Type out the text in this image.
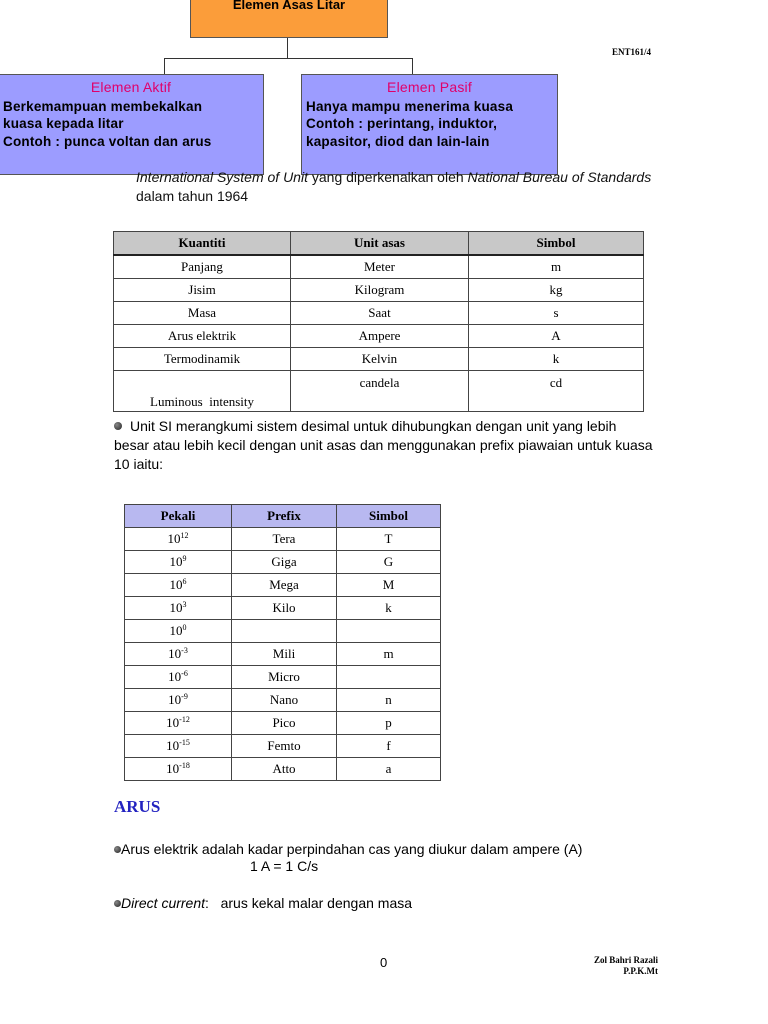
Elemen Asas Litar
Elemen Aktif
Berkemampuan membekalkan
kuasa kepada litar
Contoh : punca voltan dan arus
Elemen Pasif
Hanya mampu menerima kuasa
Contoh : perintang, induktor,
kapasitor, diod dan lain-lain
ENT161/4
International System of Unit yang diperkenalkan oleh National Bureau of Standards dalam tahun 1964
Kuantiti	Unit asas	Simbol
Panjang	Meter	m
Jisim	Kilogram	kg
Masa	Saat	s
Arus elektrik	Ampere	A
Termodinamik	Kelvin	k
Luminous  intensity	candela	cd
Unit SI merangkumi sistem desimal untuk dihubungkan dengan unit yang lebih besar atau lebih kecil dengan unit asas dan menggunakan prefix piawaian untuk kuasa 10 iaitu:
Pekali	Prefix	Simbol
$10^{12}$	Tera	T
$10^9$	Giga	G
$10^6$	Mega	M
$10^3$	Kilo	k
$10^0$		
$10^{-3}$	Mili	m
$10^{-6}$	Micro	
$10^{-9}$	Nano	n
$10^{-12}$	Pico	p
$10^{-15}$	Femto	f
$10^{-18}$	Atto	a
ARUS
Arus elektrik adalah kadar perpindahan cas yang diukur dalam ampere (A)
1 A = 1 C/s
Direct current:   arus kekal malar dengan masa
0	Zol Bahri Razali
P.P.K.Mt
